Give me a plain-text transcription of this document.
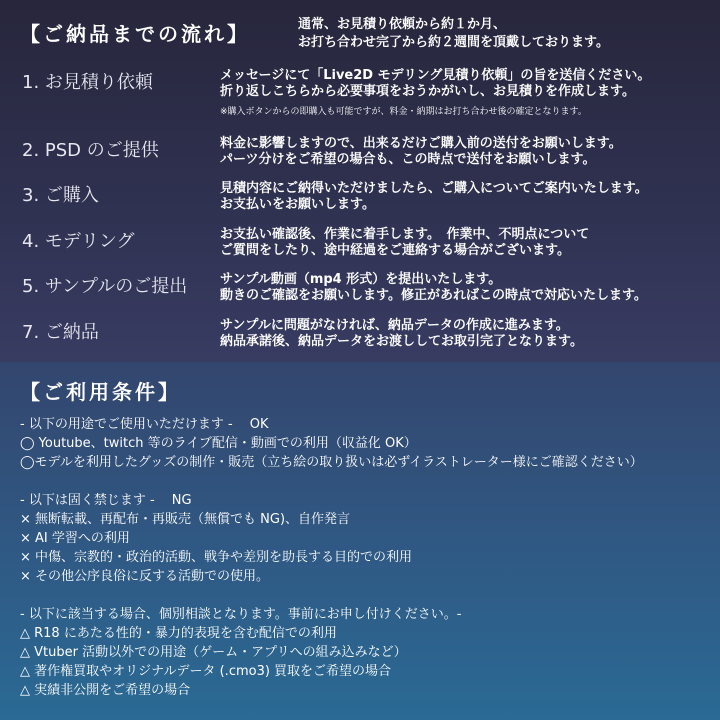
【ご納品までの流れ】	通常、お見積り依頼から約１か月、
お打ち合わせ完了から約２週間を頂戴しております。
1. お見積り依頼	メッセージにて「Live2D モデリング見積り依頼」の旨を送信ください。
折り返しこちらから必要事項をおうかがいし、お見積りを作成します。
※購入ボタンからの即購入も可能ですが、料金・納期はお打ち合わせ後の確定となります。
2. PSD のご提供	料金に影響しますので、出来るだけご購入前の送付をお願いします。
パーツ分けをご希望の場合も、この時点で送付をお願いします。
3. ご購入	見積内容にご納得いただけましたら、ご購入についてご案内いたします。
お支払いをお願いします。
4. モデリング	お支払い確認後、作業に着手します。　作業中、不明点について
ご質問をしたり、途中経過をご連絡する場合がございます。
5. サンプルのご提出	サンプル動画（mp4 形式）を提出いたします。
動きのご確認をお願いします。修正があればこの時点で対応いたします。
7. ご納品	サンプルに問題がなければ、納品データの作成に進みます。
納品承諾後、納品データをお渡ししてお取引完了となります。
【ご利用条件】
- 以下の用途でご使用いただけます -　 OK
◯ Youtube、twitch 等のライブ配信・動画での利用（収益化 OK）
◯モデルを利用したグッズの制作・販売（立ち絵の取り扱いは必ずイラストレーター様にご確認ください）
- 以下は固く禁じます -　 NG
× 無断転載、再配布・再販売（無償でも NG)、自作発言
× AI 学習への利用
× 中傷、宗教的・政治的活動、戦争や差別を助長する目的での利用
× その他公序良俗に反する活動での使用。
- 以下に該当する場合、個別相談となります。事前にお申し付けください。-
△ R18 にあたる性的・暴力的表現を含む配信での利用
△ Vtuber 活動以外での用途（ゲーム・アプリへの組み込みなど）
△ 著作権買取やオリジナルデータ (.cmo3) 買取をご希望の場合
△ 実績非公開をご希望の場合
